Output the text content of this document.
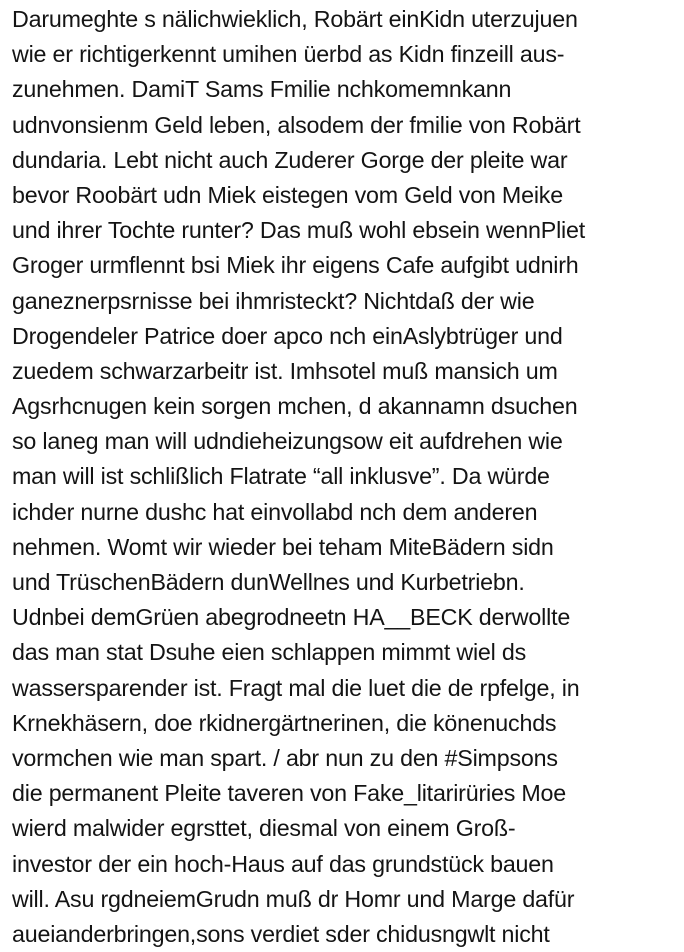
Darumeghte s nälichwieklich, Robärt einKidn uterzujuen
wie er richtigerkennt umihen üerbd as Kidn finzeill aus-
zunehmen. DamiT Sams Fmilie nchkomemnkann
udnvonsienm Geld leben, alsodem der fmilie von Robärt
dundaria. Lebt nicht auch Zuderer Gorge der pleite war
bevor Roobärt udn Miek eistegen vom Geld von Meike
und ihrer Tochte runter? Das muß wohl ebsein wennPliet
Groger urmflennt bsi Miek ihr eigens Cafe aufgibt udnirh
ganeznerpsrnisse bei ihmristeckt? Nichtdaß der wie
Drogendeler Patrice doer apco nch einAslybtrüger und
zuedem schwarzarbeitr ist. Imhsotel muß mansich um
Agsrhcnugen kein sorgen mchen, d akannamn dsuchen
so laneg man will udndieheizungsow eit aufdrehen wie
man will ist schlißlich Flatrate “all inklusve”. Da würde
ichder nurne dushc hat einvollabd nch dem anderen
nehmen. Womt wir wieder bei teham MiteBädern sidn
und TrüschenBädern dunWellnes und Kurbetriebn.
Udnbei demGrüen abegrodneetn HA__BECK derwollte
das man stat Dsuhe eien schlappen mimmt wiel ds
wassersparender ist. Fragt mal die luet die de rpfelge, in
Krnekhäsern, doe rkidnergärtnerinen, die könenuchds
vormchen wie man spart. / abr nun zu den #Simpsons
die permanent Pleite taveren von Fake_litarirüries Moe
wierd malwider egrsttet, diesmal von einem Groß-
investor der ein hoch-Haus auf das grundstück bauen
will. Asu rgdneiemGrudn muß dr Homr und Marge dafür
aueianderbringen,sons verdiet sder chidusngwlt nicht
